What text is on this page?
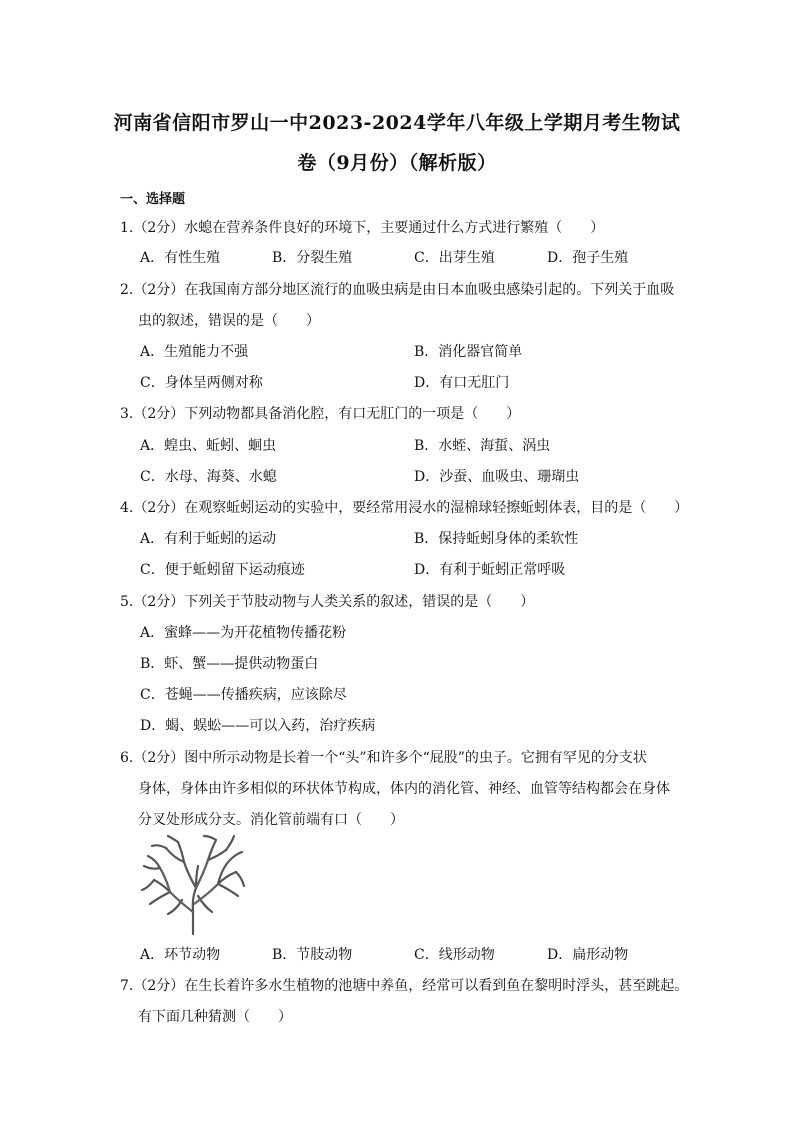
河南省信阳市罗山一中2023-2024学年八年级上学期月考生物试
卷（9月份）（解析版）
一、选择题
1.（2分）水螅在营养条件良好的环境下，主要通过什么方式进行繁殖（　　）
A．有性生殖	B．分裂生殖	C．出芽生殖	D．孢子生殖
2.（2分）在我国南方部分地区流行的血吸虫病是由日本血吸虫感染引起的。下列关于血吸
虫的叙述，错误的是（　　）
A．生殖能力不强	B．消化器官简单
C．身体呈两侧对称	D．有口无肛门
3.（2分）下列动物都具备消化腔，有口无肛门的一项是（　　）
A．蝗虫、蚯蚓、蛔虫	B．水蛭、海蜇、涡虫
C．水母、海葵、水螅	D．沙蚕、血吸虫、珊瑚虫
4.（2分）在观察蚯蚓运动的实验中，要经常用浸水的湿棉球轻擦蚯蚓体表，目的是（　　）
A．有利于蚯蚓的运动	B．保持蚯蚓身体的柔软性
C．便于蚯蚓留下运动痕迹	D．有利于蚯蚓正常呼吸
5.（2分）下列关于节肢动物与人类关系的叙述，错误的是（　　）
A．蜜蜂——为开花植物传播花粉
B．虾、蟹——提供动物蛋白
C．苍蝇——传播疾病，应该除尽
D．蝎、蜈蚣——可以入药，治疗疾病
6.（2分）图中所示动物是长着一个“头”和许多个“屁股”的虫子。它拥有罕见的分支状
身体，身体由许多相似的环状体节构成，体内的消化管、神经、血管等结构都会在身体
分叉处形成分支。消化管前端有口（　　）
A．环节动物	B．节肢动物	C．线形动物	D．扁形动物
7.（2分）在生长着许多水生植物的池塘中养鱼，经常可以看到鱼在黎明时浮头，甚至跳起。
有下面几种猜测（　　）
